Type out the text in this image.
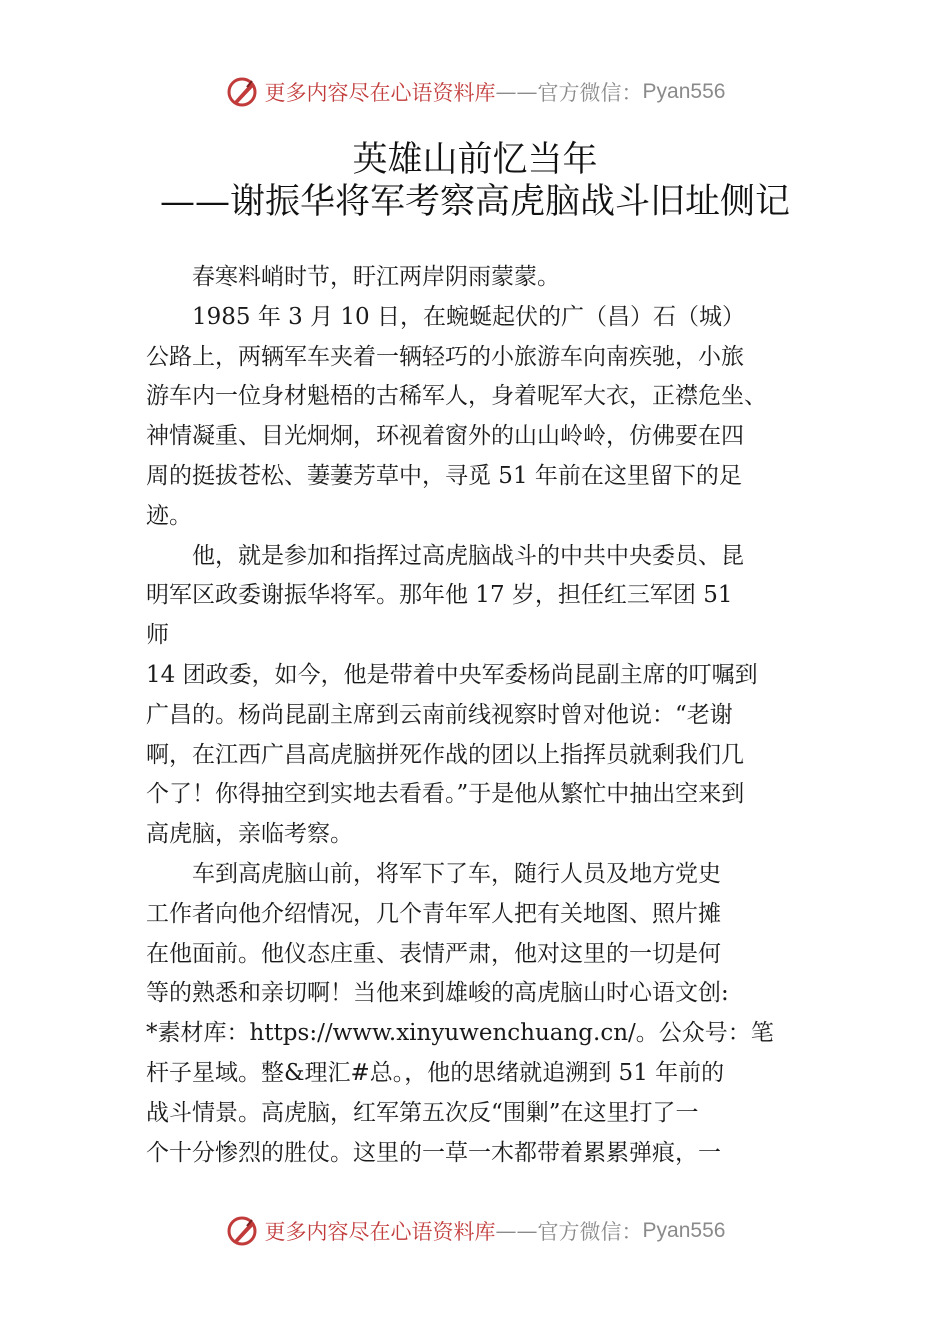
更多内容尽在心语资料库 —— 官方微信： Pyan556
英雄山前忆当年
——谢振华将军考察高虎脑战斗旧址侧记
春寒料峭时节，盱江两岸阴雨蒙蒙。
1985 年 3 月 10 日，在蜿蜒起伏的广（昌）石（城）
公路上，两辆军车夹着一辆轻巧的小旅游车向南疾驰，小旅
游车内一位身材魁梧的古稀军人，身着呢军大衣，正襟危坐、
神情凝重、目光炯炯，环视着窗外的山山岭岭，仿佛要在四
周的挺拔苍松、萋萋芳草中，寻觅 51 年前在这里留下的足
迹。
他，就是参加和指挥过高虎脑战斗的中共中央委员、昆
明军区政委谢振华将军。那年他 17 岁，担任红三军团 51
师
14 团政委，如今，他是带着中央军委杨尚昆副主席的叮嘱到
广昌的。杨尚昆副主席到云南前线视察时曾对他说：“老谢
啊，在江西广昌高虎脑拼死作战的团以上指挥员就剩我们几
个了！你得抽空到实地去看看。”于是他从繁忙中抽出空来到
高虎脑，亲临考察。
车到高虎脑山前，将军下了车，随行人员及地方党史
工作者向他介绍情况，几个青年军人把有关地图、照片摊
在他面前。他仪态庄重、表情严肃，他对这里的一切是何
等的熟悉和亲切啊！当他来到雄峻的高虎脑山时心语文创:
*素材库：https://www.xinyuwenchuang.cn/。公众号：笔
杆子星域。整&理汇#总。，他的思绪就追溯到 51 年前的
战斗情景。高虎脑，红军第五次反“围剿”在这里打了一
个十分惨烈的胜仗。这里的一草一木都带着累累弹痕，一
更多内容尽在心语资料库 —— 官方微信： Pyan556
